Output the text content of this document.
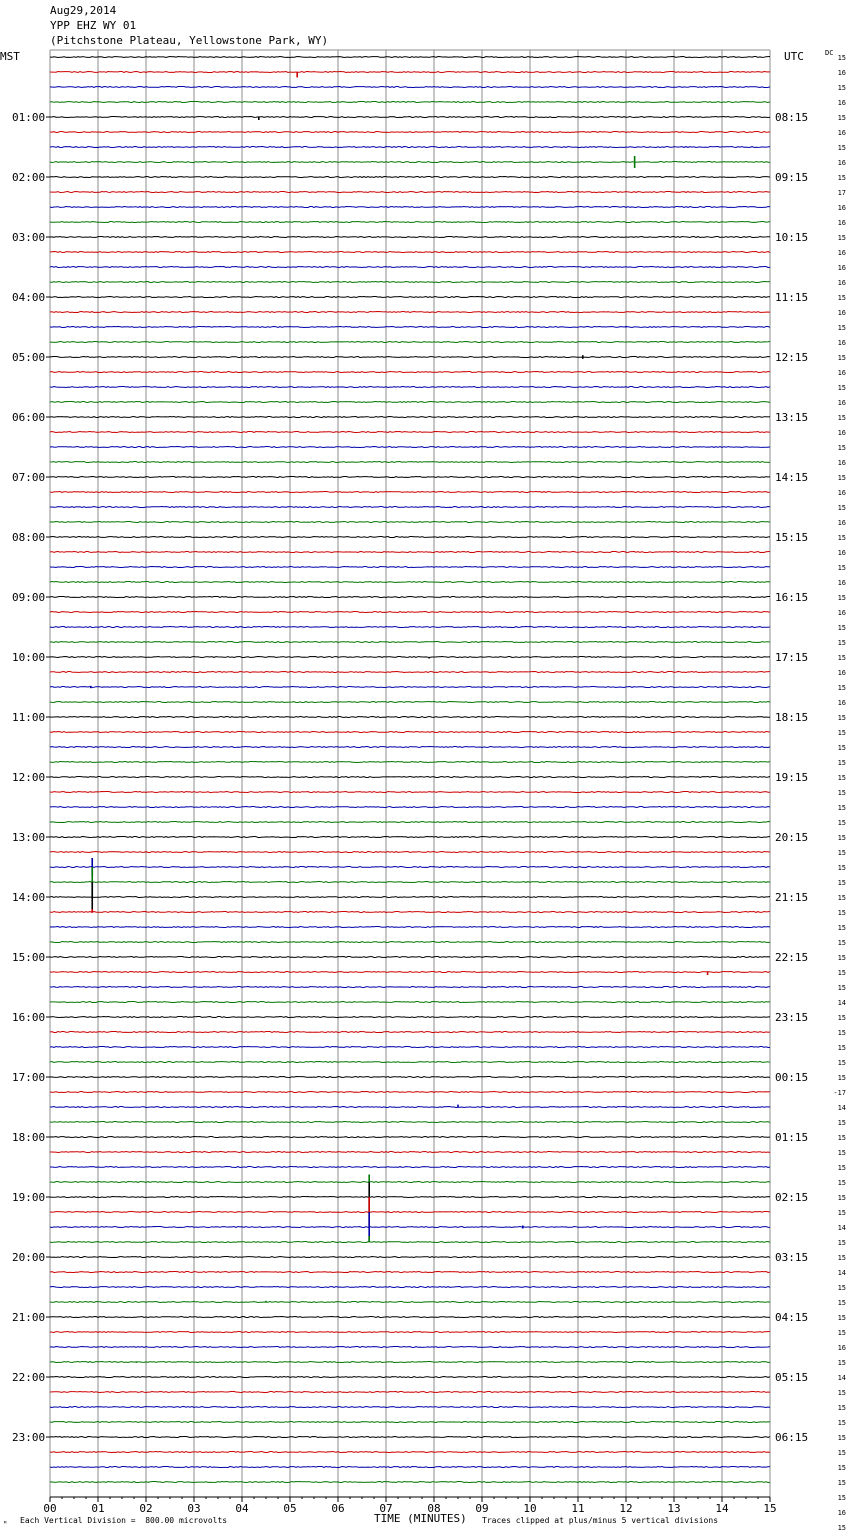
Aug29,2014
YPP EHZ WY 01
(Pitchstone Plateau, Yellowstone Park, WY)
MST	UTC	DC
01:00
02:00
03:00
04:00
05:00
06:00
07:00
08:00
09:00
10:00
11:00
12:00
13:00
14:00
15:00
16:00
17:00
18:00
19:00
20:00
21:00
22:00
23:00
08:15
09:15
10:15
11:15
12:15
13:15
14:15
15:15
16:15
17:15
18:15
19:15
20:15
21:15
22:15
23:15
00:15
01:15
02:15
03:15
04:15
05:15
06:15
15
16
15
16
15
16
15
16
15
17
16
16
15
16
16
16
15
16
15
16
15
16
15
16
15
16
15
16
15
16
15
16
15
16
15
16
15
16
15
15
15
16
15
16
15
15
15
15
15
15
15
15
15
15
15
15
15
15
15
15
15
15
15
14
15
15
15
15
15
-17
14
15
15
15
15
15
15
15
14
15
15
14
15
15
15
15
16
15
14
15
15
15
15
15
15
15
15
16
15
00	01	02	03	04	05	06	07	08	09	10	11	12	13	14	15
TIME (MINUTES)
Each Vertical Division =  800.00 microvolts	Traces clipped at plus/minus 5 vertical divisions
ᴹ
